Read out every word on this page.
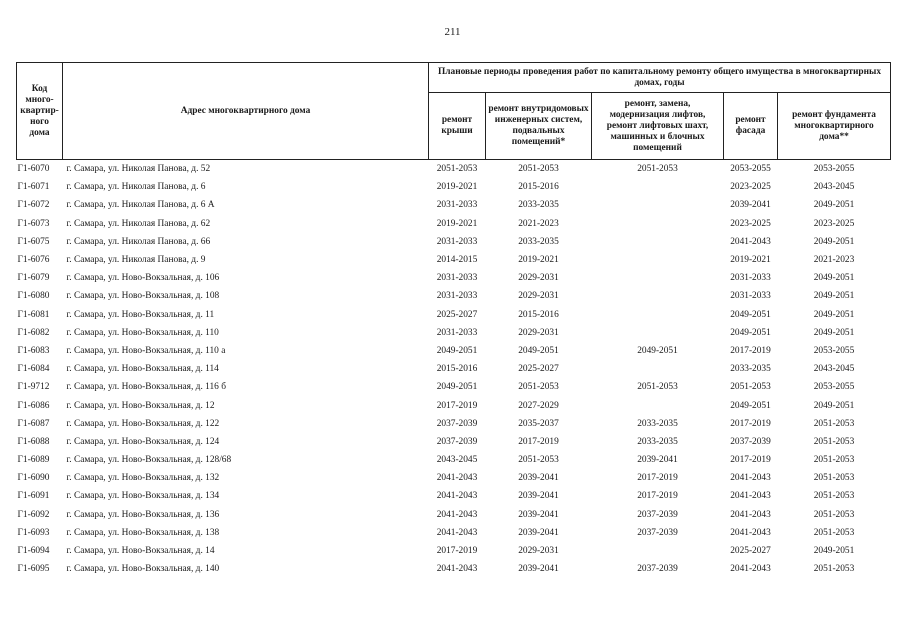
211
Код много-квартир-ного дома	Адрес многоквартирного дома	Плановые периоды проведения работ по капитальному ремонту общего имущества в многоквартирных домах, годы				
		ремонт крыши	ремонт внутридомовых инженерных систем, подвальных помещений*	ремонт, замена, модернизация лифтов, ремонт лифтовых шахт, машинных и блочных помещений	ремонт фасада	ремонт фундамента многоквартирного дома**
Г1-6070	г. Самара, ул. Николая Панова, д. 52	2051-2053	2051-2053	2051-2053	2053-2055	2053-2055
Г1-6071	г. Самара, ул. Николая Панова, д. 6	2019-2021	2015-2016		2023-2025	2043-2045
Г1-6072	г. Самара, ул. Николая Панова, д. 6 А	2031-2033	2033-2035		2039-2041	2049-2051
Г1-6073	г. Самара, ул. Николая Панова, д. 62	2019-2021	2021-2023		2023-2025	2023-2025
Г1-6075	г. Самара, ул. Николая Панова, д. 66	2031-2033	2033-2035		2041-2043	2049-2051
Г1-6076	г. Самара, ул. Николая Панова, д. 9	2014-2015	2019-2021		2019-2021	2021-2023
Г1-6079	г. Самара, ул. Ново-Вокзальная, д. 106	2031-2033	2029-2031		2031-2033	2049-2051
Г1-6080	г. Самара, ул. Ново-Вокзальная, д. 108	2031-2033	2029-2031		2031-2033	2049-2051
Г1-6081	г. Самара, ул. Ново-Вокзальная, д. 11	2025-2027	2015-2016		2049-2051	2049-2051
Г1-6082	г. Самара, ул. Ново-Вокзальная, д. 110	2031-2033	2029-2031		2049-2051	2049-2051
Г1-6083	г. Самара, ул. Ново-Вокзальная, д. 110 а	2049-2051	2049-2051	2049-2051	2017-2019	2053-2055
Г1-6084	г. Самара, ул. Ново-Вокзальная, д. 114	2015-2016	2025-2027		2033-2035	2043-2045
Г1-9712	г. Самара, ул. Ново-Вокзальная, д. 116 б	2049-2051	2051-2053	2051-2053	2051-2053	2053-2055
Г1-6086	г. Самара, ул. Ново-Вокзальная, д. 12	2017-2019	2027-2029		2049-2051	2049-2051
Г1-6087	г. Самара, ул. Ново-Вокзальная, д. 122	2037-2039	2035-2037	2033-2035	2017-2019	2051-2053
Г1-6088	г. Самара, ул. Ново-Вокзальная, д. 124	2037-2039	2017-2019	2033-2035	2037-2039	2051-2053
Г1-6089	г. Самара, ул. Ново-Вокзальная, д. 128/68	2043-2045	2051-2053	2039-2041	2017-2019	2051-2053
Г1-6090	г. Самара, ул. Ново-Вокзальная, д. 132	2041-2043	2039-2041	2017-2019	2041-2043	2051-2053
Г1-6091	г. Самара, ул. Ново-Вокзальная, д. 134	2041-2043	2039-2041	2017-2019	2041-2043	2051-2053
Г1-6092	г. Самара, ул. Ново-Вокзальная, д. 136	2041-2043	2039-2041	2037-2039	2041-2043	2051-2053
Г1-6093	г. Самара, ул. Ново-Вокзальная, д. 138	2041-2043	2039-2041	2037-2039	2041-2043	2051-2053
Г1-6094	г. Самара, ул. Ново-Вокзальная, д. 14	2017-2019	2029-2031		2025-2027	2049-2051
Г1-6095	г. Самара, ул. Ново-Вокзальная, д. 140	2041-2043	2039-2041	2037-2039	2041-2043	2051-2053
